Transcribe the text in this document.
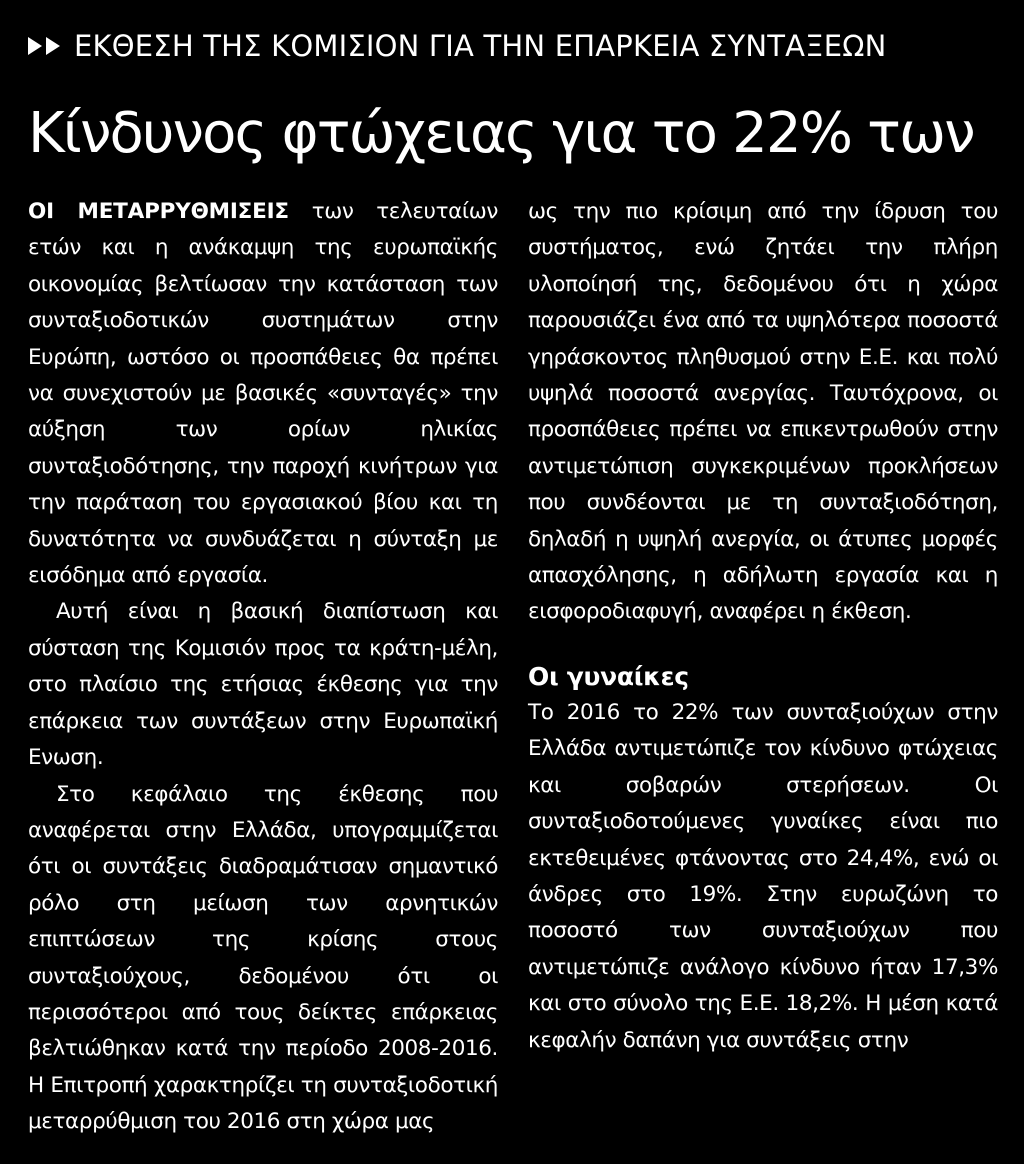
ΕΚΘΕΣΗ ΤΗΣ ΚΟΜΙΣΙΟΝ ΓΙΑ ΤΗΝ ΕΠΑΡΚΕΙΑ ΣΥΝΤΑΞΕΩΝ
Κίνδυνος φτώχειας για το 22% των

ΟΙ ΜΕΤΑΡΡΥΘΜΙΣΕΙΣ των τελευταίων ετών και η ανάκαμψη της ευρωπαϊκής οικονομίας βελτίωσαν την κατάσταση των συνταξιοδοτικών συστημάτων στην Ευρώπη, ωστόσο οι προσπάθειες θα πρέπει να συνεχιστούν με βασικές «συνταγές» την αύξηση των ορίων ηλικίας συνταξιοδότησης, την παροχή κινήτρων για την παράταση του εργασιακού βίου και τη δυνατότητα να συνδυάζεται η σύνταξη με εισόδημα από εργασία.

Αυτή είναι η βασική διαπίστωση και σύσταση της Κομισιόν προς τα κράτη-μέλη, στο πλαίσιο της ετήσιας έκθεσης για την επάρκεια των συντάξεων στην Ευρωπαϊκή Ενωση.

Στο κεφάλαιο της έκθεσης που αναφέρεται στην Ελλάδα, υπογραμμίζεται ότι οι συντάξεις διαδραμάτισαν σημαντικό ρόλο στη μείωση των αρνητικών επιπτώσεων της κρίσης στους συνταξιούχους, δεδομένου ότι οι περισσότεροι από τους δείκτες επάρκειας βελτιώθηκαν κατά την περίοδο 2008-2016. Η Επιτροπή χαρακτηρίζει τη συνταξιοδοτική μεταρρύθμιση του 2016 στη χώρα μας

ως την πιο κρίσιμη από την ίδρυση του συστήματος, ενώ ζητάει την πλήρη υλοποίησή της, δεδομένου ότι η χώρα παρουσιάζει ένα από τα υψηλότερα ποσοστά γηράσκοντος πληθυσμού στην Ε.Ε. και πολύ υψηλά ποσοστά ανεργίας. Ταυτόχρονα, οι προσπάθειες πρέπει να επικεντρωθούν στην αντιμετώπιση συγκεκριμένων προκλήσεων που συνδέονται με τη συνταξιοδότηση, δηλαδή η υψηλή ανεργία, οι άτυπες μορφές απασχόλησης, η αδήλωτη εργασία και η εισφοροδιαφυγή, αναφέρει η έκθεση.

Οι γυναίκες

Το 2016 το 22% των συνταξιούχων στην Ελλάδα αντιμετώπιζε τον κίνδυνο φτώχειας και σοβαρών στερήσεων. Οι συνταξιοδοτούμενες γυναίκες είναι πιο εκτεθειμένες φτάνοντας στο 24,4%, ενώ οι άνδρες στο 19%. Στην ευρωζώνη το ποσοστό των συνταξιούχων που αντιμετώπιζε ανάλογο κίνδυνο ήταν 17,3% και στο σύνολο της Ε.Ε. 18,2%. Η μέση κατά κεφαλήν δαπάνη για συντάξεις στην
